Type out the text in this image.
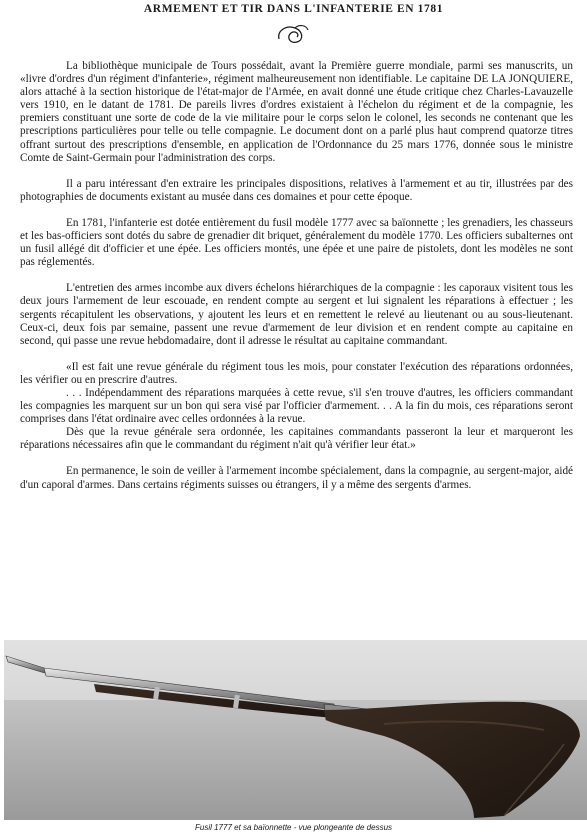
ARMEMENT ET TIR DANS L'INFANTERIE EN 1781

La bibliothèque municipale de Tours possédait, avant la Première guerre mondiale, parmi ses manuscrits, un «livre d'ordres d'un régiment d'infanterie», régiment malheureusement non identifiable. Le capitaine DE LA JONQUIERE, alors attaché à la section historique de l'état-major de l'Armée, en avait donné une étude critique chez Charles-Lavauzelle vers 1910, en le datant de 1781. De pareils livres d'ordres existaient à l'échelon du régiment et de la compagnie, les premiers constituant une sorte de code de la vie militaire pour le corps selon le colonel, les seconds ne contenant que les prescriptions particulières pour telle ou telle compagnie. Le document dont on a parlé plus haut comprend quatorze titres offrant surtout des prescriptions d'ensemble, en application de l'Ordonnance du 25 mars 1776, donnée sous le ministre Comte de Saint-Germain pour l'administration des corps.

Il a paru intéressant d'en extraire les principales dispositions, relatives à l'armement et au tir, illustrées par des photographies de documents existant au musée dans ces domaines et pour cette époque.

En 1781, l'infanterie est dotée entièrement du fusil modèle 1777 avec sa baïonnette ; les grenadiers, les chasseurs et les bas-officiers sont dotés du sabre de grenadier dit briquet, généralement du modèle 1770. Les officiers subalternes ont un fusil allégé dit d'officier et une épée. Les officiers montés, une épée et une paire de pistolets, dont les modèles ne sont pas réglementés.

L'entretien des armes incombe aux divers échelons hiérarchiques de la compagnie : les caporaux visitent tous les deux jours l'armement de leur escouade, en rendent compte au sergent et lui signalent les réparations à effectuer ; les sergents récapitulent les observations, y ajoutent les leurs et en remettent le relevé au lieutenant ou au sous-lieutenant. Ceux-ci, deux fois par semaine, passent une revue d'armement de leur division et en rendent compte au capitaine en second, qui passe une revue hebdomadaire, dont il adresse le résultat au capitaine commandant.

«Il est fait une revue générale du régiment tous les mois, pour constater l'exécution des réparations ordonnées, les vérifier ou en prescrire d'autres.

. . . Indépendamment des réparations marquées à cette revue, s'il s'en trouve d'autres, les officiers commandant les compagnies les marquent sur un bon qui sera visé par l'officier d'armement. . . A la fin du mois, ces réparations seront comprises dans l'état ordinaire avec celles ordonnées à la revue.

Dès que la revue générale sera ordonnée, les capitaines commandants passeront la leur et marqueront les réparations nécessaires afin que le commandant du régiment n'ait qu'à vérifier leur état.»

En permanence, le soin de veiller à l'armement incombe spécialement, dans la compagnie, au sergent-major, aidé d'un caporal d'armes. Dans certains régiments suisses ou étrangers, il y a même des sergents d'armes.

Fusil 1777 et sa baïonnette - vue plongeante de dessus
